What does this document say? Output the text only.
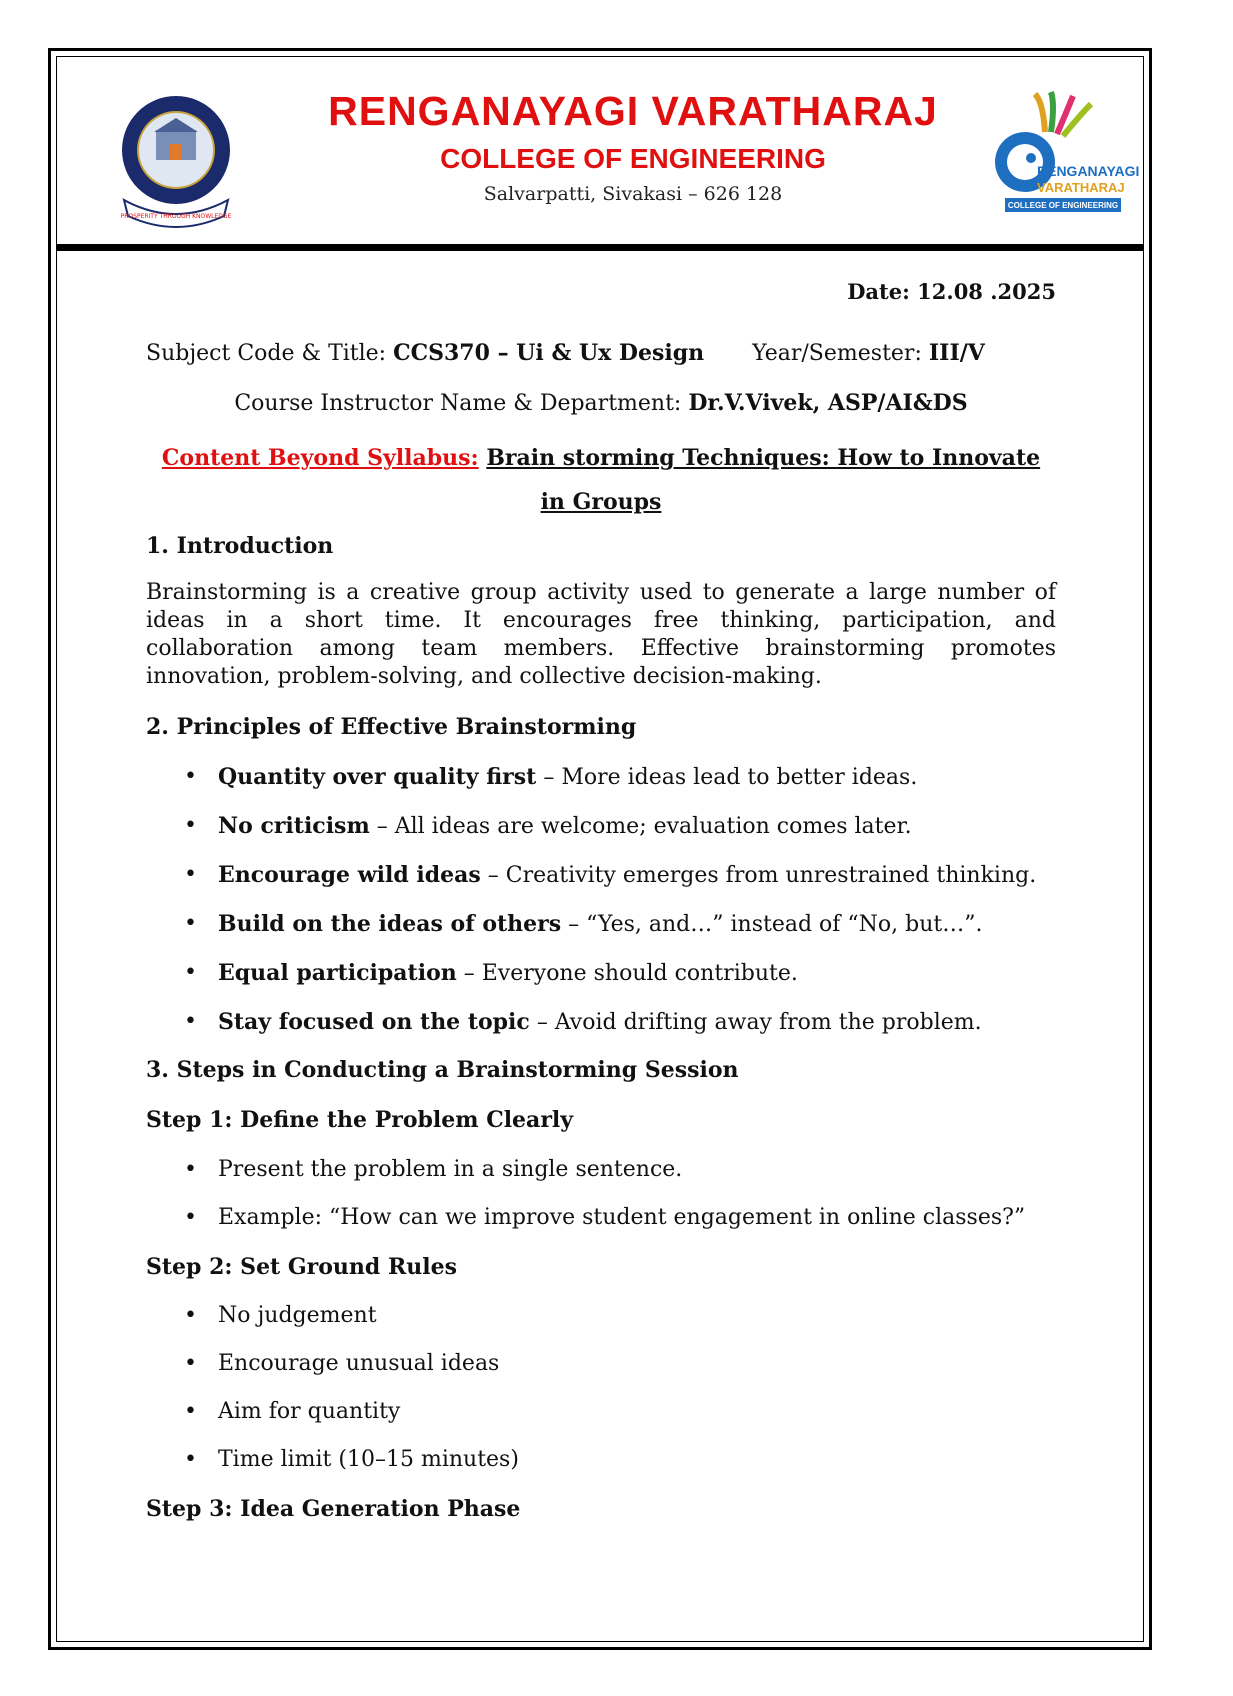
PROSPERITY THROUGH KNOWLEDGE
RENGANAYAGI
VARATHARAJ
COLLEGE OF ENGINEERING
RENGANAYAGI VARATHARAJ
COLLEGE OF ENGINEERING
Salvarpatti, Sivakasi – 626 128

Date: 12.08 .2025

Subject Code & Title: CCS370 – Ui & Ux Design Year/Semester: III/V
Course Instructor Name & Department: Dr.V.Vivek, ASP/AI&DS
Content Beyond Syllabus: Brain storming Techniques: How to Innovate in Groups
1. Introduction

Brainstorming is a creative group activity used to generate a large number of ideas in a short time. It encourages free thinking, participation, and collaboration among team members. Effective brainstorming promotes innovation, problem-solving, and collective decision-making.

2. Principles of Effective Brainstorming
• Quantity over quality first – More ideas lead to better ideas.
• No criticism – All ideas are welcome; evaluation comes later.
• Encourage wild ideas – Creativity emerges from unrestrained thinking.
• Build on the ideas of others – “Yes, and…” instead of “No, but…”.
• Equal participation – Everyone should contribute.
• Stay focused on the topic – Avoid drifting away from the problem.
3. Steps in Conducting a Brainstorming Session
Step 1: Define the Problem Clearly
• Present the problem in a single sentence.
• Example: “How can we improve student engagement in online classes?”
Step 2: Set Ground Rules
• No judgement
• Encourage unusual ideas
• Aim for quantity
• Time limit (10–15 minutes)
Step 3: Idea Generation Phase
